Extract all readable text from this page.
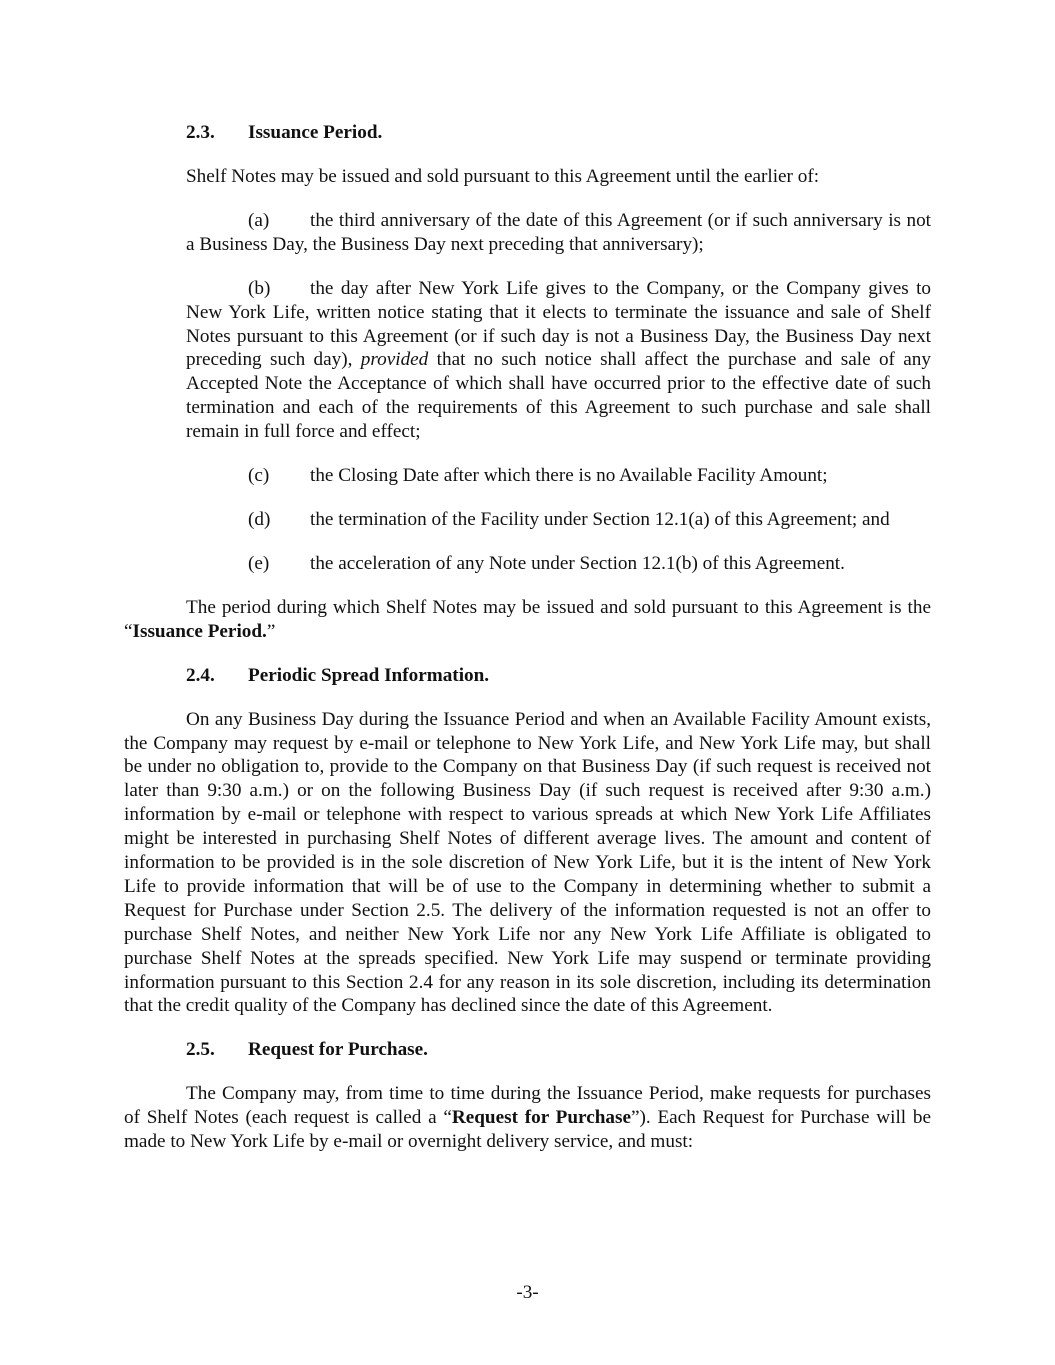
2.3. Issuance Period.

Shelf Notes may be issued and sold pursuant to this Agreement until the earlier of:

(a) the third anniversary of the date of this Agreement (or if such anniversary is not a Business Day, the Business Day next preceding that anniversary);

(b) the day after New York Life gives to the Company, or the Company gives to New York Life, written notice stating that it elects to terminate the issuance and sale of Shelf Notes pursuant to this Agreement (or if such day is not a Business Day, the Business Day next preceding such day), provided that no such notice shall affect the purchase and sale of any Accepted Note the Acceptance of which shall have occurred prior to the effective date of such termination and each of the requirements of this Agreement to such purchase and sale shall remain in full force and effect;

(c) the Closing Date after which there is no Available Facility Amount;
(d) the termination of the Facility under Section 12.1(a) of this Agreement; and
(e) the acceleration of any Note under Section 12.1(b) of this Agreement.

The period during which Shelf Notes may be issued and sold pursuant to this Agreement is the “Issuance Period.”

2.4. Periodic Spread Information.

On any Business Day during the Issuance Period and when an Available Facility Amount exists, the Company may request by e-mail or telephone to New York Life, and New York Life may, but shall be under no obligation to, provide to the Company on that Business Day (if such request is received not later than 9:30 a.m.) or on the following Business Day (if such request is received after 9:30 a.m.) information by e-mail or telephone with respect to various spreads at which New York Life Affiliates might be interested in purchasing Shelf Notes of different average lives. The amount and content of information to be provided is in the sole discretion of New York Life, but it is the intent of New York Life to provide information that will be of use to the Company in determining whether to submit a Request for Purchase under Section 2.5. The delivery of the information requested is not an offer to purchase Shelf Notes, and neither New York Life nor any New York Life Affiliate is obligated to purchase Shelf Notes at the spreads specified. New York Life may suspend or terminate providing information pursuant to this Section 2.4 for any reason in its sole discretion, including its determination that the credit quality of the Company has declined since the date of this Agreement.

2.5. Request for Purchase.

The Company may, from time to time during the Issuance Period, make requests for purchases of Shelf Notes (each request is called a “Request for Purchase”). Each Request for Purchase will be made to New York Life by e-mail or overnight delivery service, and must:

-3-
